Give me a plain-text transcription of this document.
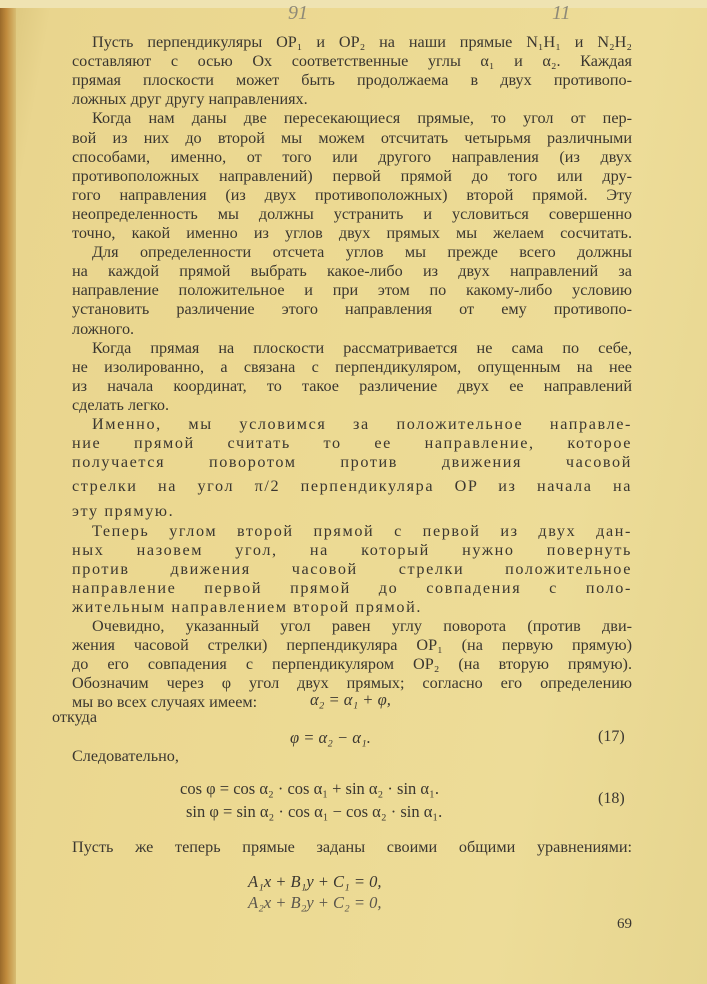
91	11
Пусть перпендикуляры OP₁ и OP₂ на наши прямые N₁H₁ и N₂H₂
составляют с осью Ox соответственные углы α₁ и α₂. Каждая
прямая плоскости может быть продолжаема в двух противопо-
ложных друг другу направлениях.
Когда нам даны две пересекающиеся прямые, то угол от пер-
вой из них до второй мы можем отсчитать четырьмя различными
способами, именно, от того или другого направления (из двух
противоположных направлений) первой прямой до того или дру-
гого направления (из двух противоположных) второй прямой. Эту
неопределенность мы должны устранить и условиться совершенно
точно, какой именно из углов двух прямых мы желаем сосчитать.
Для определенности отсчета углов мы прежде всего должны
на каждой прямой выбрать какое-либо из двух направлений за
направление положительное и при этом по какому-либо условию
установить различение этого направления от ему противопо-
ложного.
Когда прямая на плоскости рассматривается не сама по себе,
не изолированно, а связана с перпендикуляром, опущенным на нее
из начала координат, то такое различение двух ее направлений
сделать легко.
Именно, мы условимся за положительное направле-
ние прямой считать то ее направление, которое
получается поворотом против движения часовой
стрелки на угол π/2 перпендикуляра OP из начала на
эту прямую.
Теперь углом второй прямой с первой из двух дан-
ных назовем угол, на который нужно повернуть
против движения часовой стрелки положительное
направление первой прямой до совпадения с поло-
жительным направлением второй прямой.
Очевидно, указанный угол равен углу поворота (против дви-
жения часовой стрелки) перпендикуляра OP₁ (на первую прямую)
до его совпадения с перпендикуляром OP₂ (на вторую прямую).
Обозначим через φ угол двух прямых; согласно его определению
мы во всех случаях имеем:	α₂ = α₁ + φ,
откуда
φ = α₂ − α₁.	(17)
Следовательно,
cos φ = cos α₂ · cos α₁ + sin α₂ · sin α₁.
sin φ = sin α₂ · cos α₁ − cos α₂ · sin α₁.
(18)
Пусть же теперь прямые заданы своими общими уравнениями:
A₁x + B₁y + C₁ = 0,
A₂x + B₂y + C₂ = 0,
69
